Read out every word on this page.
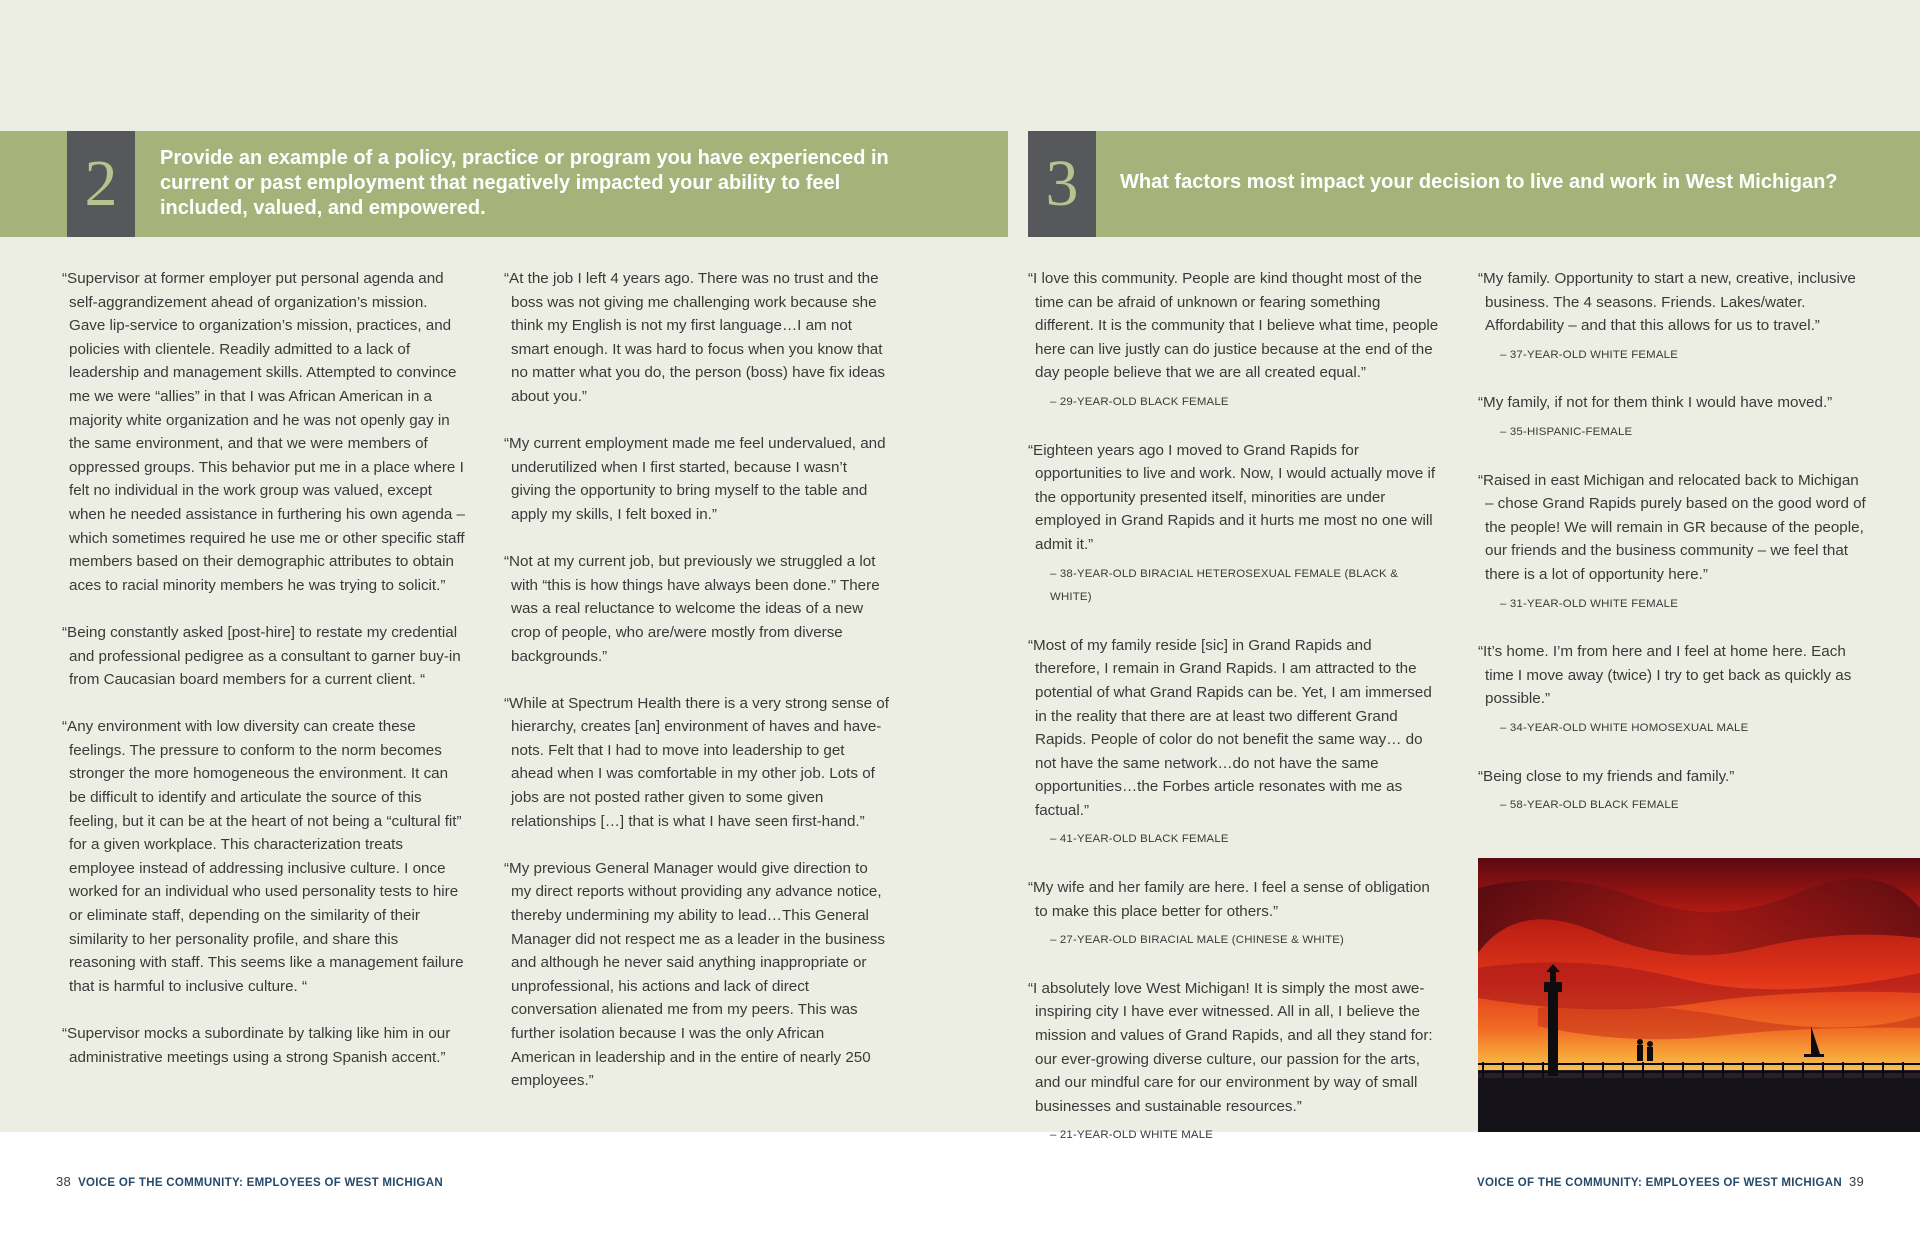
2	Provide an example of a policy, practice or program you have experienced in current or past employment that negatively impacted your ability to feel included, valued, and empowered.	3	What factors most impact your decision to live and work in West Michigan?

“Supervisor at former employer put personal agenda and self-aggrandizement ahead of organization’s mission. Gave lip-service to organization’s mission, practices, and policies with clientele. Readily admitted to a lack of leadership and management skills. Attempted to convince me we were “allies” in that I was African American in a majority white organization and he was not openly gay in the same environment, and that we were members of oppressed groups. This behavior put me in a place where I felt no individual in the work group was valued, except when he needed assistance in furthering his own agenda – which sometimes required he use me or other specific staff members based on their demographic attributes to obtain aces to racial minority members he was trying to solicit.”

“Being constantly asked [post-hire] to restate my credential and professional pedigree as a consultant to garner buy-in from Caucasian board members for a current client. “

“Any environment with low diversity can create these feelings. The pressure to conform to the norm becomes stronger the more homogeneous the environment. It can be difficult to identify and articulate the source of this feeling, but it can be at the heart of not being a “cultural fit” for a given workplace. This characterization treats employee instead of addressing inclusive culture. I once worked for an individual who used personality tests to hire or eliminate staff, depending on the similarity of their similarity to her personality profile, and share this reasoning with staff. This seems like a management failure that is harmful to inclusive culture. “

“Supervisor mocks a subordinate by talking like him in our administrative meetings using a strong Spanish accent.”

“At the job I left 4 years ago. There was no trust and the boss was not giving me challenging work because she think my English is not my first language…I am not smart enough. It was hard to focus when you know that no matter what you do, the person (boss) have fix ideas about you.”

“My current employment made me feel undervalued, and underutilized when I first started, because I wasn’t giving the opportunity to bring myself to the table and apply my skills, I felt boxed in.”

“Not at my current job, but previously we struggled a lot with “this is how things have always been done.” There was a real reluctance to welcome the ideas of a new crop of people, who are/were mostly from diverse backgrounds.”

“While at Spectrum Health there is a very strong sense of hierarchy, creates [an] environment of haves and have-nots. Felt that I had to move into leadership to get ahead when I was comfortable in my other job. Lots of jobs are not posted rather given to some given relationships […] that is what I have seen first-hand.”

“My previous General Manager would give direction to my direct reports without providing any advance notice, thereby undermining my ability to lead…This General Manager did not respect me as a leader in the business and although he never said anything inappropriate or unprofessional, his actions and lack of direct conversation alienated me from my peers. This was further isolation because I was the only African American in leadership and in the entire of nearly 250 employees.”

“I love this community. People are kind thought most of the time can be afraid of unknown or fearing something different. It is the community that I believe what time, people here can live justly can do justice because at the end of the day people believe that we are all created equal.”

– 29-YEAR-OLD BLACK FEMALE

“Eighteen years ago I moved to Grand Rapids for opportunities to live and work. Now, I would actually move if the opportunity presented itself, minorities are under employed in Grand Rapids and it hurts me most no one will admit it.”

– 38-YEAR-OLD BIRACIAL HETEROSEXUAL FEMALE (BLACK & WHITE)

“Most of my family reside [sic] in Grand Rapids and therefore, I remain in Grand Rapids. I am attracted to the potential of what Grand Rapids can be. Yet, I am immersed in the reality that there are at least two different Grand Rapids. People of color do not benefit the same way… do not have the same network…do not have the same opportunities…the Forbes article resonates with me as factual.”

– 41-YEAR-OLD BLACK FEMALE

“My wife and her family are here. I feel a sense of obligation to make this place better for others.”

– 27-YEAR-OLD BIRACIAL MALE (CHINESE & WHITE)

“I absolutely love West Michigan! It is simply the most awe-inspiring city I have ever witnessed. All in all, I believe the mission and values of Grand Rapids, and all they stand for: our ever-growing diverse culture, our passion for the arts, and our mindful care for our environment by way of small businesses and sustainable resources.”

– 21-YEAR-OLD WHITE MALE

“My family. Opportunity to start a new, creative, inclusive business. The 4 seasons. Friends. Lakes/water. Affordability – and that this allows for us to travel.”

– 37-YEAR-OLD WHITE FEMALE

“My family, if not for them think I would have moved.”

– 35-HISPANIC-FEMALE

“Raised in east Michigan and relocated back to Michigan – chose Grand Rapids purely based on the good word of the people! We will remain in GR because of the people, our friends and the business community – we feel that there is a lot of opportunity here.”

– 31-YEAR-OLD WHITE FEMALE

“It’s home. I’m from here and I feel at home here. Each time I move away (twice) I try to get back as quickly as possible.”

– 34-YEAR-OLD WHITE HOMOSEXUAL MALE

“Being close to my friends and family.”

– 58-YEAR-OLD BLACK FEMALE
38 VOICE OF THE COMMUNITY: EMPLOYEES OF WEST MICHIGAN	VOICE OF THE COMMUNITY: EMPLOYEES OF WEST MICHIGAN 39
